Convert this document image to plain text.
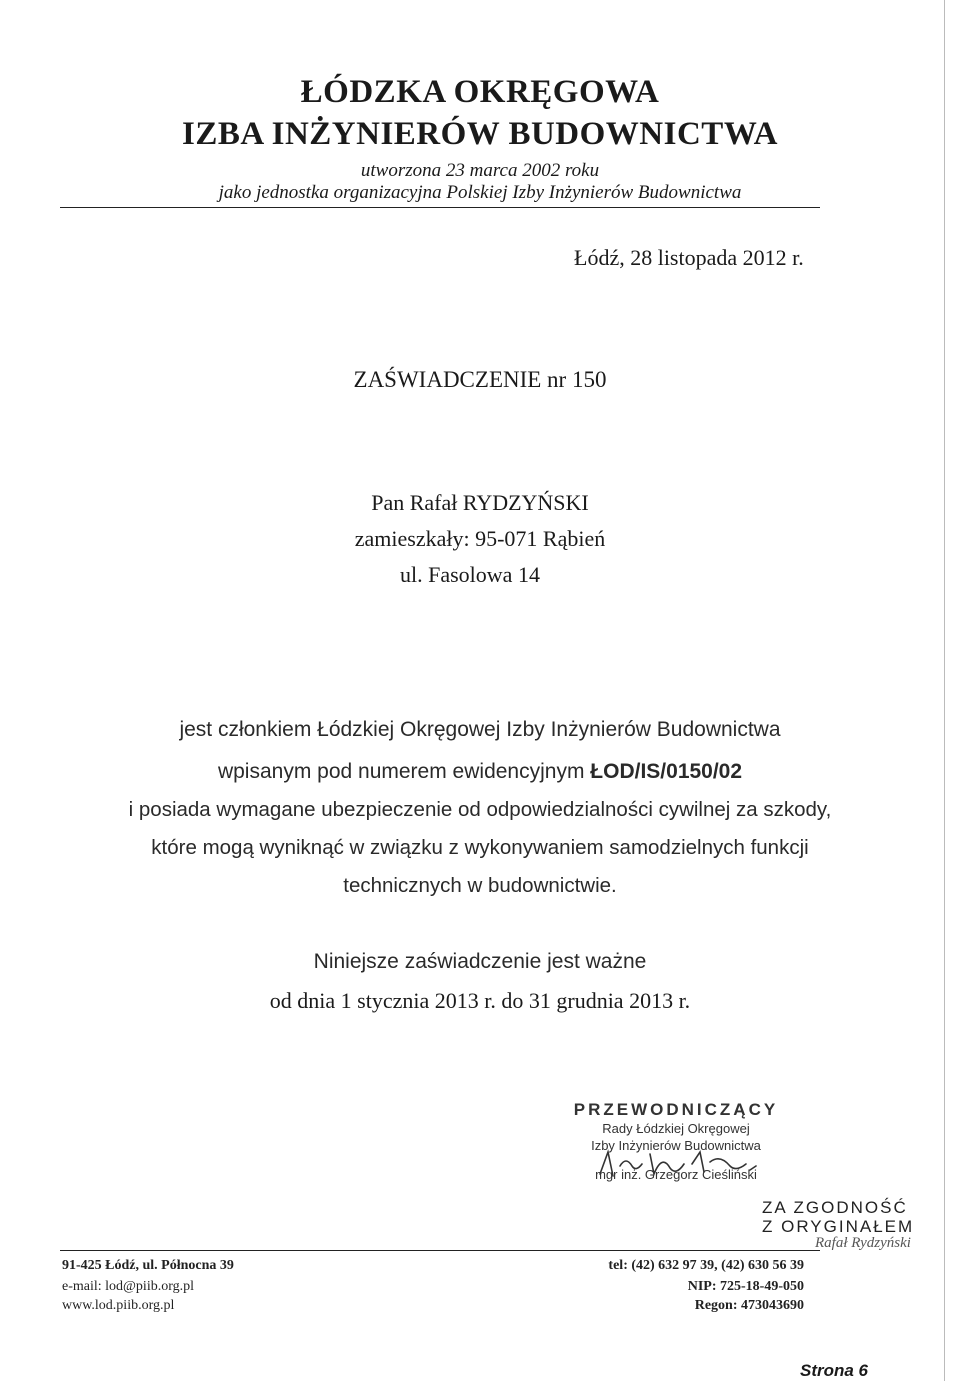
ŁÓDZKA OKRĘGOWA
IZBA INŻYNIERÓW BUDOWNICTWA
utworzona 23 marca 2002 roku
jako jednostka organizacyjna Polskiej Izby Inżynierów Budownictwa
Łódź, 28 listopada 2012 r.
ZAŚWIADCZENIE nr 150
Pan Rafał RYDZYŃSKI
zamieszkały: 95-071 Rąbień
ul. Fasolowa 14
jest członkiem Łódzkiej Okręgowej Izby Inżynierów Budownictwa
wpisanym pod numerem ewidencyjnym ŁOD/IS/0150/02
i posiada wymagane ubezpieczenie od odpowiedzialności cywilnej za szkody,
które mogą wyniknąć w związku z wykonywaniem samodzielnych funkcji
technicznych w budownictwie.
Niniejsze zaświadczenie jest ważne
od dnia 1 stycznia 2013 r. do 31 grudnia 2013 r.
PRZEWODNICZĄCY
Rady Łódzkiej Okręgowej
Izby Inżynierów Budownictwa
mgr inż. Grzegorz Cieśliński
ZA ZGODNOŚĆ
Z ORYGINAŁEM
Rafał Rydzyński
91-425 Łódź, ul. Północna 39
e-mail: lod@piib.org.pl
www.lod.piib.org.pl
tel: (42) 632 97 39, (42) 630 56 39
NIP: 725-18-49-050
Regon: 473043690
Strona 6
